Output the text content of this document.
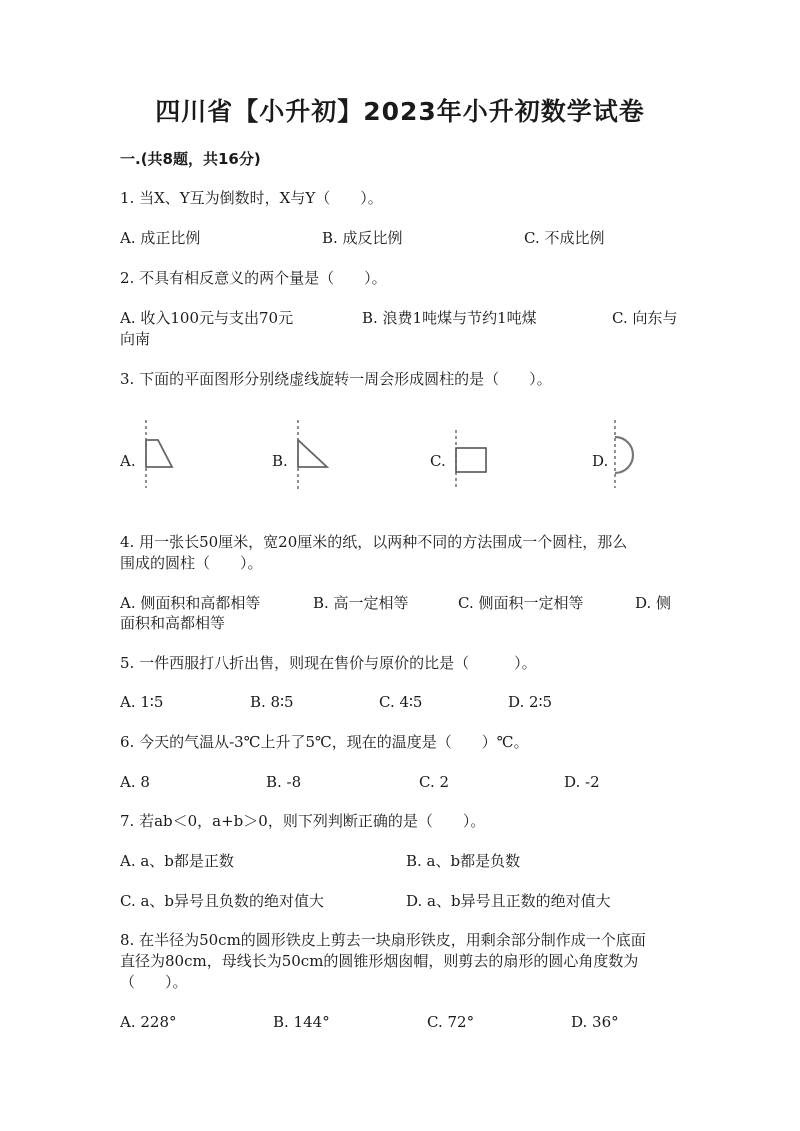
四川省【小升初】2023年小升初数学试卷
一.(共8题，共16分)
1. 当X、Y互为倒数时，X与Y（　　）。
A. 成正比例	B. 成反比例	C. 不成比例
2. 不具有相反意义的两个量是（　　）。
A. 收入100元与支出70元	B. 浪费1吨煤与节约1吨煤	C. 向东与
向南
3. 下面的平面图形分别绕虚线旋转一周会形成圆柱的是（　　）。
A.	B.	C.	D.
4. 用一张长50厘米，宽20厘米的纸，以两种不同的方法围成一个圆柱，那么
围成的圆柱（　　）。
A. 侧面积和高都相等	B. 高一定相等	C. 侧面积一定相等	D. 侧
面积和高都相等
5. 一件西服打八折出售，则现在售价与原价的比是（　　　）。
A. 1∶5	B. 8∶5	C. 4∶5	D. 2∶5
6. 今天的气温从-3℃上升了5℃，现在的温度是（　　）℃。
A. 8	B. -8	C. 2	D. -2
7. 若ab＜0，a+b＞0，则下列判断正确的是（　　）。
A. a、b都是正数	B. a、b都是负数
C. a、b异号且负数的绝对值大	D. a、b异号且正数的绝对值大
8. 在半径为50cm的圆形铁皮上剪去一块扇形铁皮，用剩余部分制作成一个底面
直径为80cm，母线长为50cm的圆锥形烟囱帽，则剪去的扇形的圆心角度数为
（　　）。
A. 228°	B. 144°	C. 72°	D. 36°
